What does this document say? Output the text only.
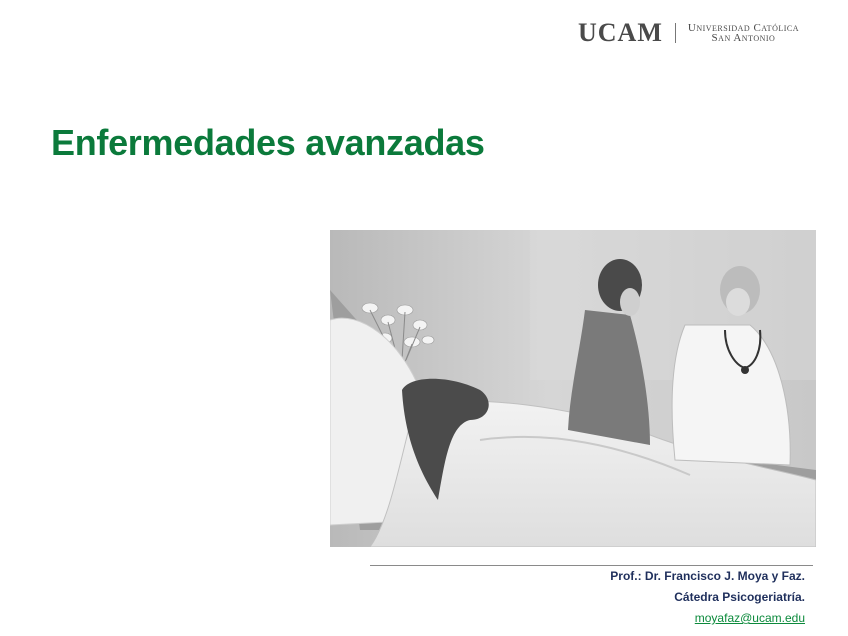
UCAM Universidad Católica
San Antonio
Enfermedades avanzadas
Prof.: Dr. Francisco J. Moya y Faz.
Cátedra Psicogeriatría.
moyafaz@ucam.edu
